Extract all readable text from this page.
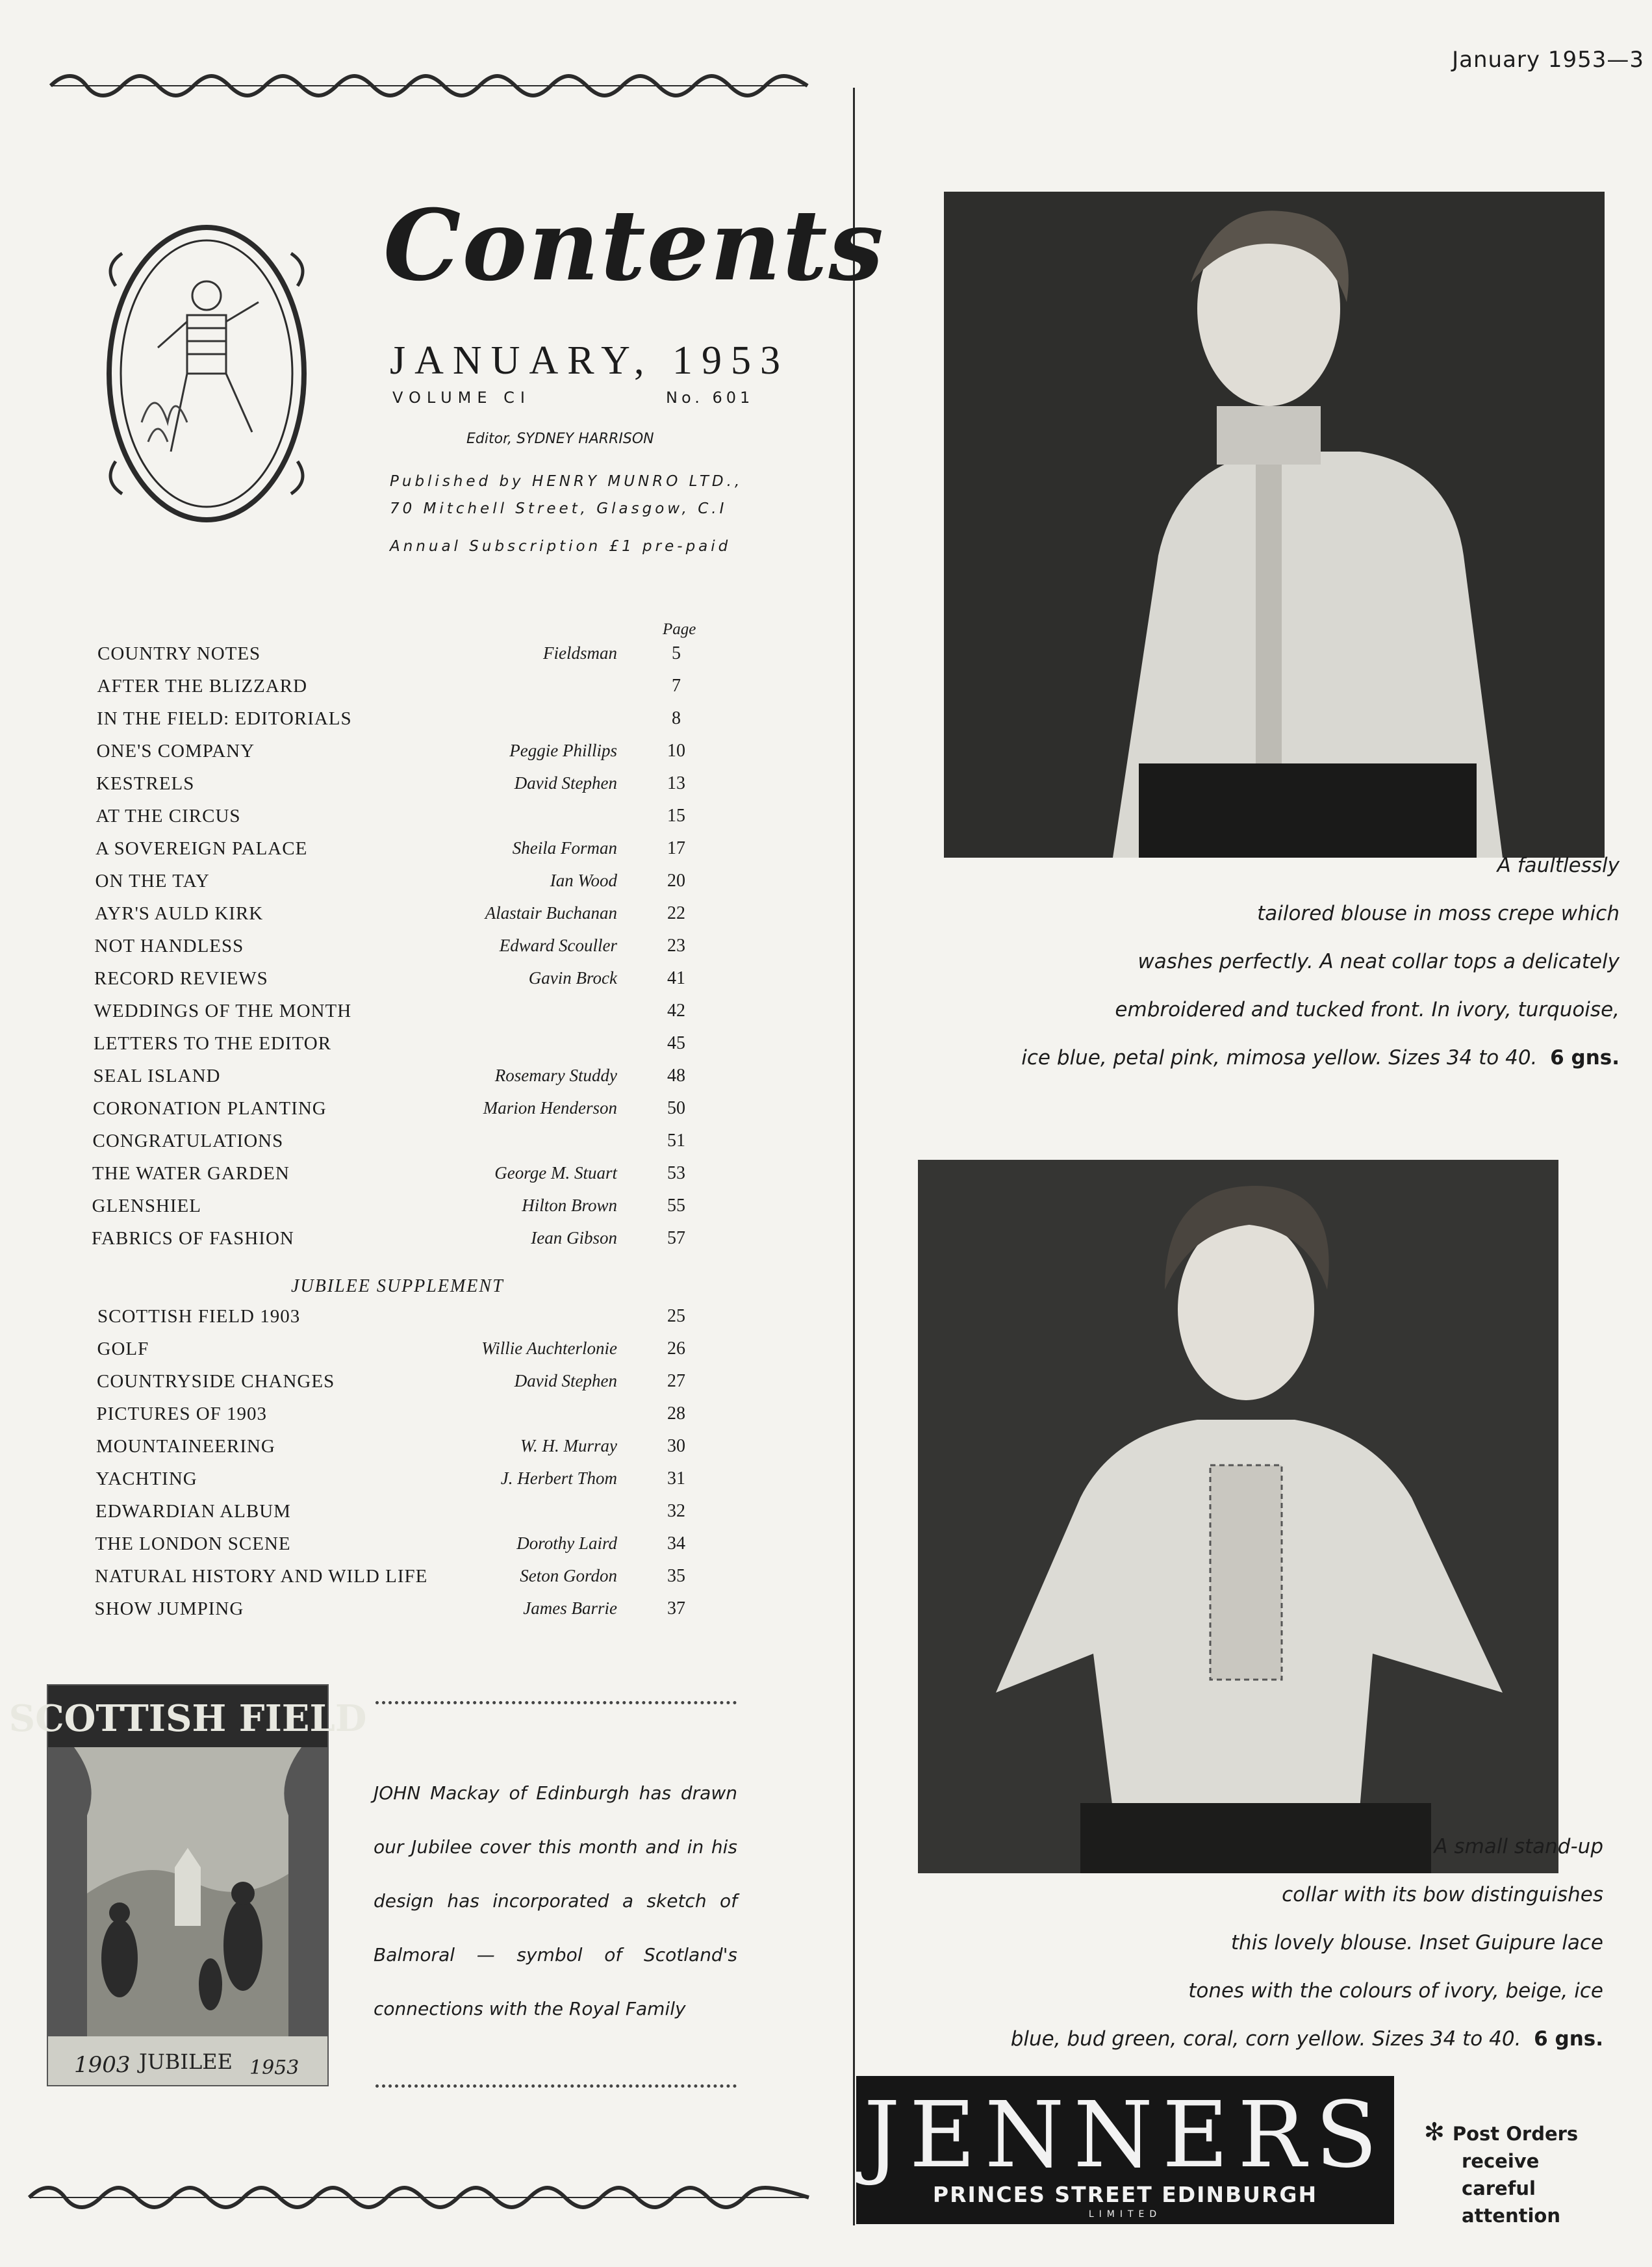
January 1953—3
Contents
JANUARY, 1953
VOLUME CI	No. 601
Editor, SYDNEY HARRISON
Published by HENRY MUNRO LTD.,
70 Mitchell Street, Glasgow, C.I
Annual Subscription £1 pre-paid
Page
COUNTRY NOTES	Fieldsman	5
AFTER THE BLIZZARD	7
IN THE FIELD: EDITORIALS	8
ONE'S COMPANY	Peggie Phillips	10
KESTRELS	David Stephen	13
AT THE CIRCUS	15
A SOVEREIGN PALACE	Sheila Forman	17
ON THE TAY	Ian Wood	20
AYR'S AULD KIRK	Alastair Buchanan	22
NOT HANDLESS	Edward Scouller	23
RECORD REVIEWS	Gavin Brock	41
WEDDINGS OF THE MONTH	42
LETTERS TO THE EDITOR	45
SEAL ISLAND	Rosemary Studdy	48
CORONATION PLANTING	Marion Henderson	50
CONGRATULATIONS	51
THE WATER GARDEN	George M. Stuart	53
GLENSHIEL	Hilton Brown	55
FABRICS OF FASHION	Iean Gibson	57
JUBILEE SUPPLEMENT
SCOTTISH FIELD 1903	25
GOLF	Willie Auchterlonie	26
COUNTRYSIDE CHANGES	David Stephen	27
PICTURES OF 1903	28
MOUNTAINEERING	W. H. Murray	30
YACHTING	J. Herbert Thom	31
EDWARDIAN ALBUM	32
THE LONDON SCENE	Dorothy Laird	34
NATURAL HISTORY AND WILD LIFE	Seton Gordon	35
SHOW JUMPING	James Barrie	37
SCOTTISH FIELD
1903 JUBILEE 1953
JOHN Mackay of Edinburgh has drawn our Jubilee cover this month and in his design has incorporated a sketch of Balmoral — symbol of Scotland's connections with the Royal Family
A faultlessly
tailored blouse in moss crepe which
washes perfectly. A neat collar tops a delicately
embroidered and tucked front. In ivory, turquoise,
ice blue, petal pink, mimosa yellow. Sizes 34 to 40. 6 gns.
A small stand-up
collar with its bow distinguishes
this lovely blouse. Inset Guipure lace
tones with the colours of ivory, beige, ice
blue, bud green, coral, corn yellow. Sizes 34 to 40. 6 gns.
JENNERS
PRINCES STREET EDINBURGH
LIMITED
✻ Post Orders
receive
careful
attention
